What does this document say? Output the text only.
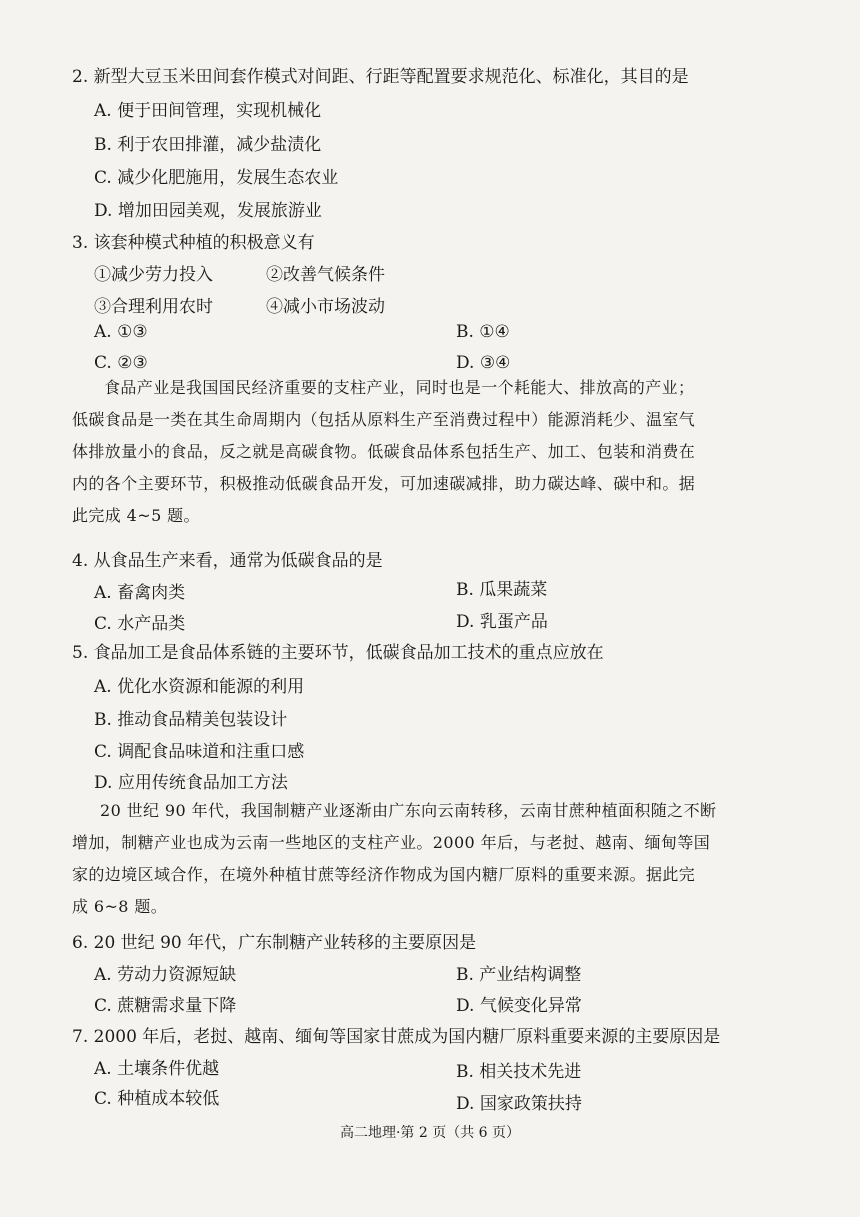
2. 新型大豆玉米田间套作模式对间距、行距等配置要求规范化、标准化，其目的是
A. 便于田间管理，实现机械化
B. 利于农田排灌，减少盐渍化
C. 减少化肥施用，发展生态农业
D. 增加田园美观，发展旅游业
3. 该套种模式种植的积极意义有
①减少劳力投入	②改善气候条件
③合理利用农时	④减小市场波动
A. ①③	B. ①④
C. ②③	D. ③④
食品产业是我国国民经济重要的支柱产业，同时也是一个耗能大、排放高的产业；
低碳食品是一类在其生命周期内（包括从原料生产至消费过程中）能源消耗少、温室气
体排放量小的食品，反之就是高碳食物。低碳食品体系包括生产、加工、包装和消费在
内的各个主要环节，积极推动低碳食品开发，可加速碳减排，助力碳达峰、碳中和。据
此完成 4~5 题。
4. 从食品生产来看，通常为低碳食品的是
A. 畜禽肉类	B. 瓜果蔬菜
C. 水产品类	D. 乳蛋产品
5. 食品加工是食品体系链的主要环节，低碳食品加工技术的重点应放在
A. 优化水资源和能源的利用
B. 推动食品精美包装设计
C. 调配食品味道和注重口感
D. 应用传统食品加工方法
20 世纪 90 年代，我国制糖产业逐渐由广东向云南转移，云南甘蔗种植面积随之不断
增加，制糖产业也成为云南一些地区的支柱产业。2000 年后，与老挝、越南、缅甸等国
家的边境区域合作，在境外种植甘蔗等经济作物成为国内糖厂原料的重要来源。据此完
成 6~8 题。
6. 20 世纪 90 年代，广东制糖产业转移的主要原因是
A. 劳动力资源短缺	B. 产业结构调整
C. 蔗糖需求量下降	D. 气候变化异常
7. 2000 年后，老挝、越南、缅甸等国家甘蔗成为国内糖厂原料重要来源的主要原因是
A. 土壤条件优越	B. 相关技术先进
C. 种植成本较低	D. 国家政策扶持
高二地理·第 2 页（共 6 页）
